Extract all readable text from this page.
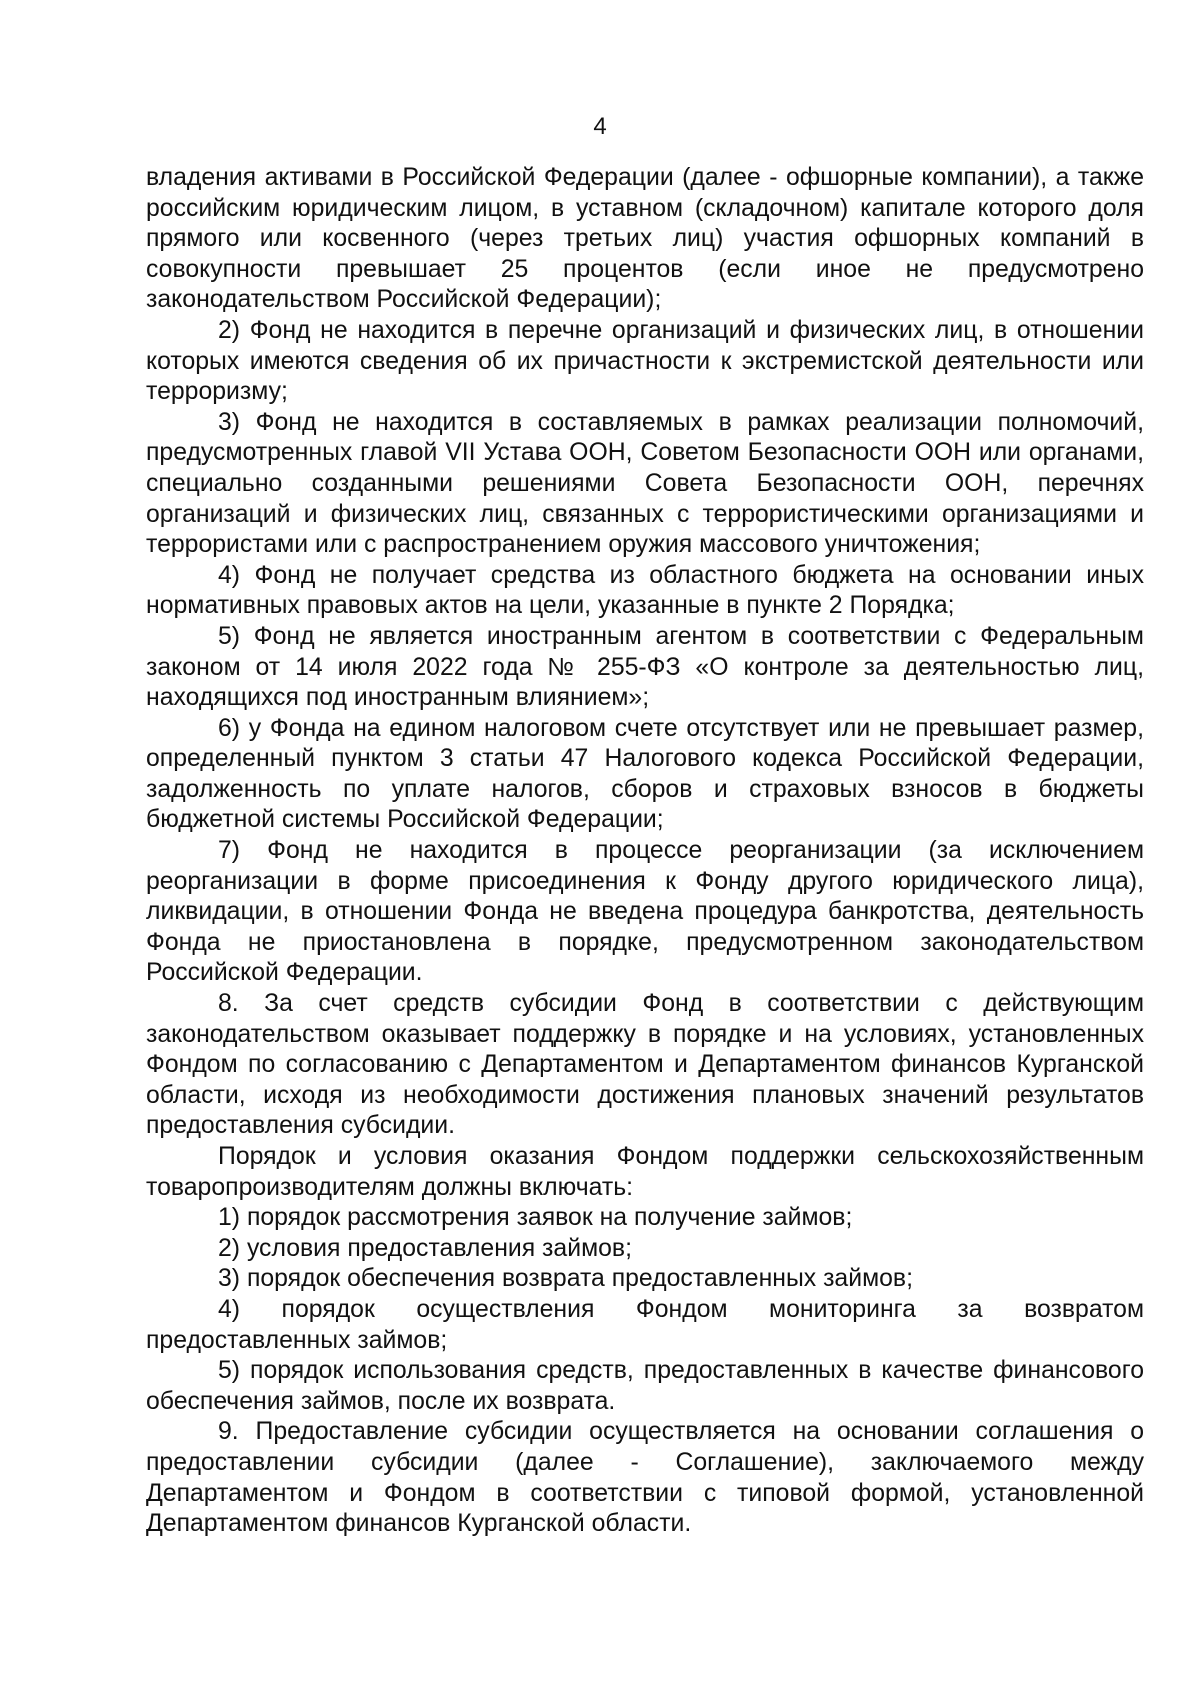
4

владения активами в Российской Федерации (далее - офшорные компании), а также российским юридическим лицом, в уставном (складочном) капитале которого доля прямого или косвенного (через третьих лиц) участия офшорных компаний в совокупности превышает 25 процентов (если иное не предусмотрено законодательством Российской Федерации);

2) Фонд не находится в перечне организаций и физических лиц, в отношении которых имеются сведения об их причастности к экстремистской деятельности или терроризму;

3) Фонд не находится в составляемых в рамках реализации полномочий, предусмотренных главой VII Устава ООН, Советом Безопасности ООН или органами, специально созданными решениями Совета Безопасности ООН, перечнях организаций и физических лиц, связанных с террористическими организациями и террористами или с распространением оружия массового уничтожения;

4) Фонд не получает средства из областного бюджета на основании иных нормативных правовых актов на цели, указанные в пункте 2 Порядка;

5) Фонд не является иностранным агентом в соответствии с Федеральным законом от 14 июля 2022 года № 255-ФЗ «О контроле за деятельностью лиц, находящихся под иностранным влиянием»;

6) у Фонда на едином налоговом счете отсутствует или не превышает размер, определенный пунктом 3 статьи 47 Налогового кодекса Российской Федерации, задолженность по уплате налогов, сборов и страховых взносов в бюджеты бюджетной системы Российской Федерации;

7) Фонд не находится в процессе реорганизации (за исключением реорганизации в форме присоединения к Фонду другого юридического лица), ликвидации, в отношении Фонда не введена процедура банкротства, деятельность Фонда не приостановлена в порядке, предусмотренном законодательством Российской Федерации.

8. За счет средств субсидии Фонд в соответствии с действующим законодательством оказывает поддержку в порядке и на условиях, установленных Фондом по согласованию с Департаментом и Департаментом финансов Курганской области, исходя из необходимости достижения плановых значений результатов предоставления субсидии.

Порядок и условия оказания Фондом поддержки сельскохозяйственным товаропроизводителям должны включать:

1) порядок рассмотрения заявок на получение займов;

2) условия предоставления займов;

3) порядок обеспечения возврата предоставленных займов;

4) порядок осуществления Фондом мониторинга за возвратом предоставленных займов;

5) порядок использования средств, предоставленных в качестве финансового обеспечения займов, после их возврата.

9. Предоставление субсидии осуществляется на основании соглашения о предоставлении субсидии (далее - Соглашение), заключаемого между Департаментом и Фондом в соответствии с типовой формой, установленной Департаментом финансов Курганской области.
